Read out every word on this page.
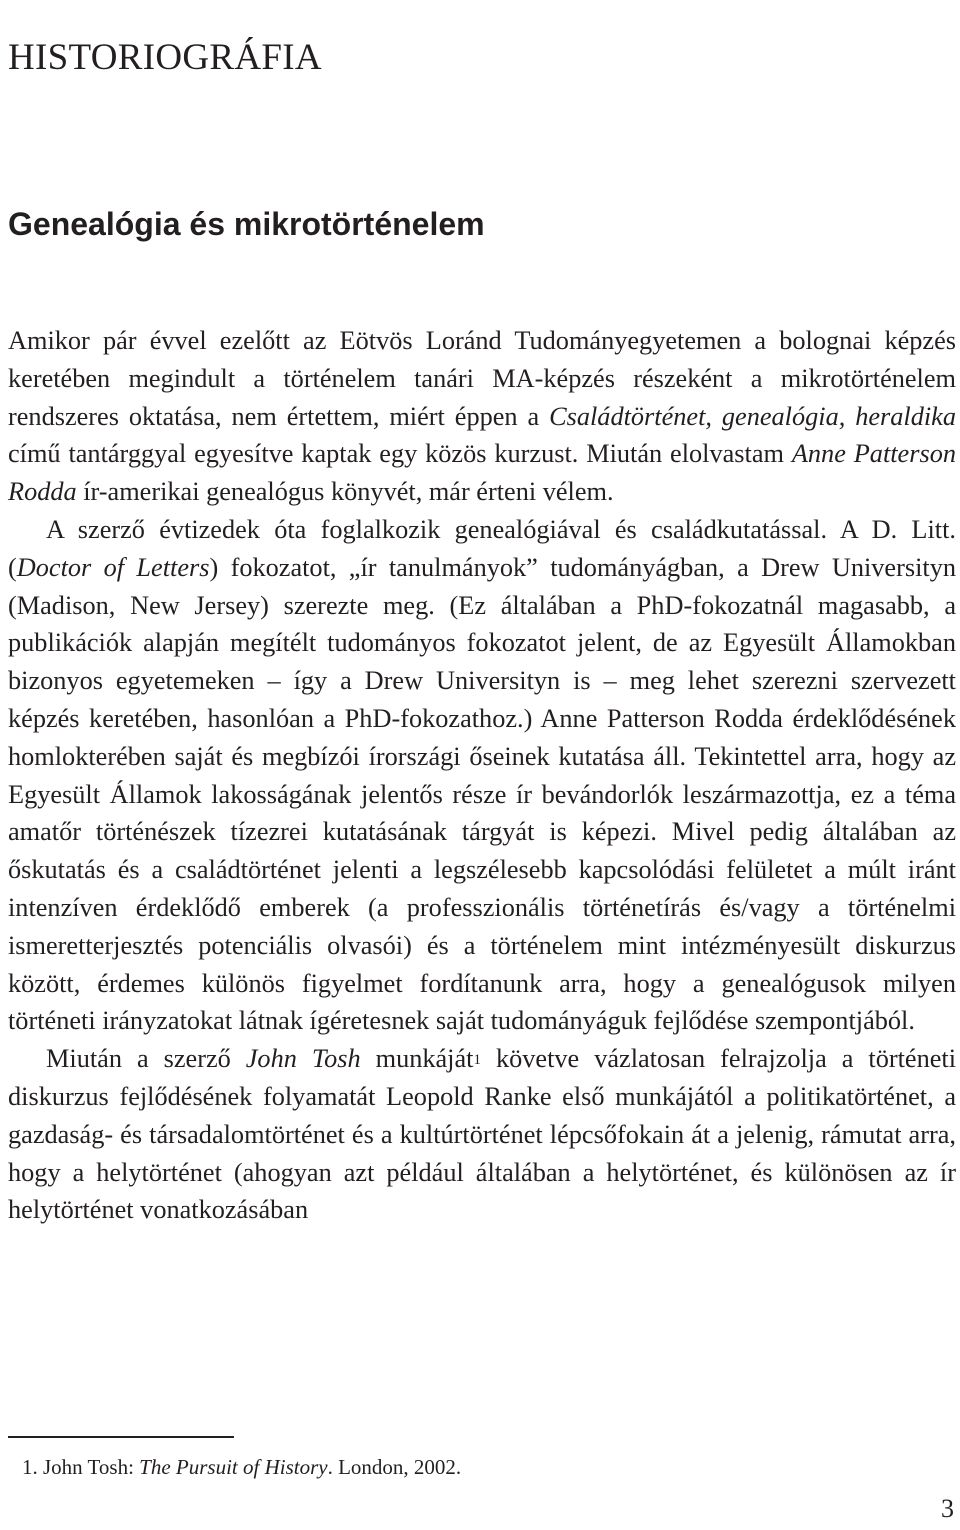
HISTORIOGRÁFIA
Genealógia és mikrotörténelem

Amikor pár évvel ezelőtt az Eötvös Loránd Tudományegyetemen a bolognai képzés keretében megindult a történelem tanári MA-képzés részeként a mikrotörténelem rendszeres oktatása, nem értettem, miért éppen a Családtörténet, genealógia, heraldika című tantárggyal egyesítve kaptak egy közös kurzust. Miután elolvastam Anne Patterson Rodda ír-amerikai genealógus könyvét, már érteni vélem.

A szerző évtizedek óta foglalkozik genealógiával és családkutatással. A D. Litt. (Doctor of Letters) fokozatot, „ír tanulmányok” tudományágban, a Drew Universityn (Madison, New Jersey) szerezte meg. (Ez általában a PhD-fokozatnál magasabb, a publikációk alapján megítélt tudományos fokozatot jelent, de az Egyesült Államokban bizonyos egyetemeken – így a Drew Universityn is – meg lehet szerezni szervezett képzés keretében, hasonlóan a PhD-fokozathoz.) Anne Patterson Rodda érdeklődésének homlokterében saját és megbízói írországi őseinek kutatása áll. Tekintettel arra, hogy az Egyesült Államok lakosságának jelentős része ír bevándorlók leszármazottja, ez a téma amatőr történészek tízezrei kutatásának tárgyát is képezi. Mivel pedig általában az őskutatás és a családtörténet jelenti a legszélesebb kapcsolódási felületet a múlt iránt intenzíven érdeklődő emberek (a professzionális történetírás és/vagy a történelmi ismeretterjesztés potenciális olvasói) és a történelem mint intézményesült diskurzus között, érdemes különös figyelmet fordítanunk arra, hogy a genealógusok milyen történeti irányzatokat látnak ígéretesnek saját tudományáguk fejlődése szempontjából.

Miután a szerző John Tosh munkáját$^1$ követve vázlatosan felrajzolja a történeti diskurzus fejlődésének folyamatát Leopold Ranke első munkájától a politikatörténet, a gazdaság- és társadalomtörténet és a kultúrtörténet lépcsőfokain át a jelenig, rámutat arra, hogy a helytörténet (ahogyan azt például általában a helytörténet, és különösen az ír helytörténet vonatkozásában

1. John Tosh: The Pursuit of History. London, 2002.

3
